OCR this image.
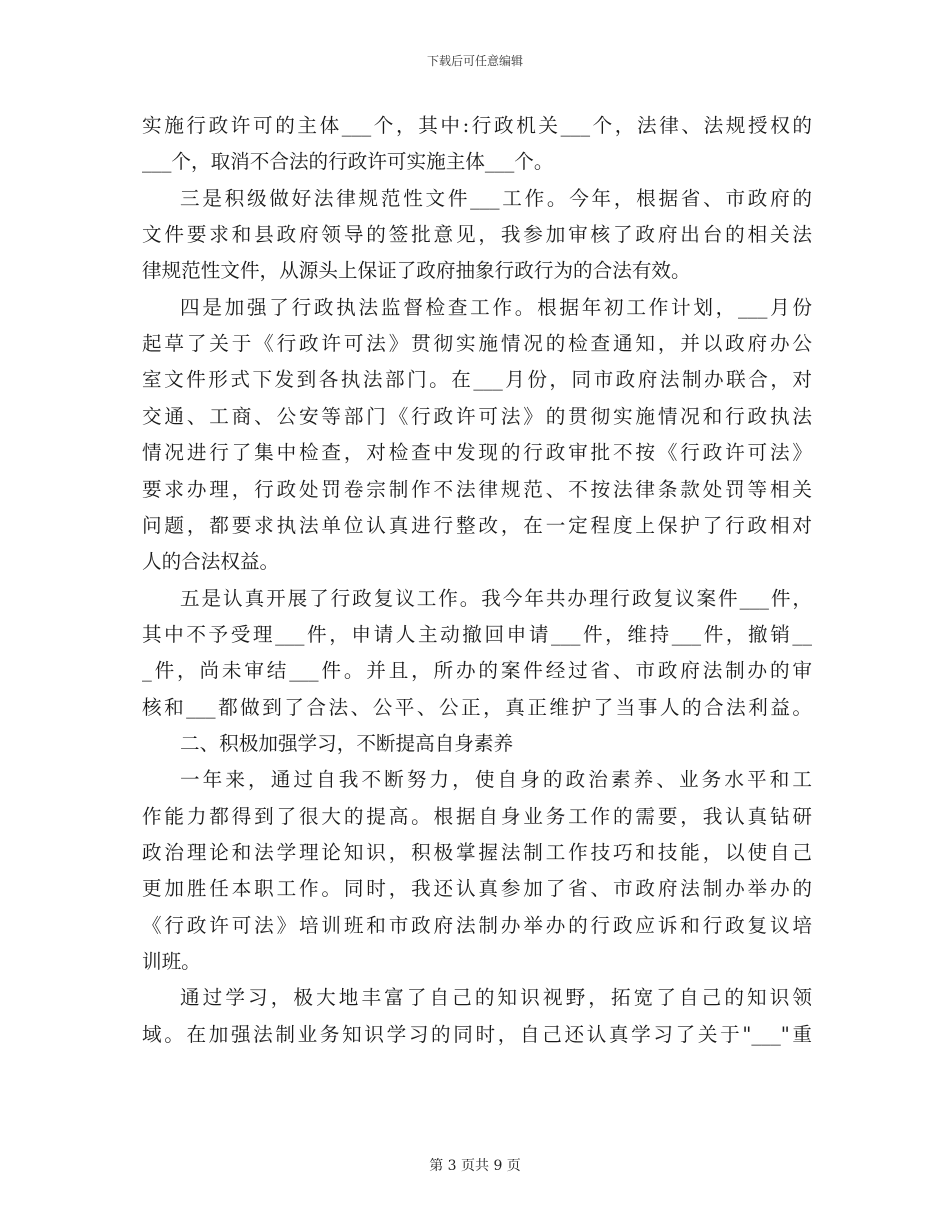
下载后可任意编辑
实施行政许可的主体___个，其中:行政机关___个，法律、法规授权的
___个，取消不合法的行政许可实施主体___个。
三是积级做好法律规范性文件___工作。今年，根据省、市政府的
文件要求和县政府领导的签批意见，我参加审核了政府出台的相关法
律规范性文件，从源头上保证了政府抽象行政行为的合法有效。
四是加强了行政执法监督检查工作。根据年初工作计划，___月份
起草了关于《行政许可法》贯彻实施情况的检查通知，并以政府办公
室文件形式下发到各执法部门。在___月份，同市政府法制办联合，对
交通、工商、公安等部门《行政许可法》的贯彻实施情况和行政执法
情况进行了集中检查，对检查中发现的行政审批不按《行政许可法》
要求办理，行政处罚卷宗制作不法律规范、不按法律条款处罚等相关
问题，都要求执法单位认真进行整改，在一定程度上保护了行政相对
人的合法权益。
五是认真开展了行政复议工作。我今年共办理行政复议案件___件，
其中不予受理___件，申请人主动撤回申请___件，维持___件，撤销__
_件，尚未审结___件。并且，所办的案件经过省、市政府法制办的审
核和___都做到了合法、公平、公正，真正维护了当事人的合法利益。
二、积极加强学习，不断提高自身素养
一年来，通过自我不断努力，使自身的政治素养、业务水平和工
作能力都得到了很大的提高。根据自身业务工作的需要，我认真钻研
政治理论和法学理论知识，积极掌握法制工作技巧和技能，以使自己
更加胜任本职工作。同时，我还认真参加了省、市政府法制办举办的
《行政许可法》培训班和市政府法制办举办的行政应诉和行政复议培
训班。
通过学习，极大地丰富了自己的知识视野，拓宽了自己的知识领
域。在加强法制业务知识学习的同时，自己还认真学习了关于"___"重
第 3 页共 9 页
